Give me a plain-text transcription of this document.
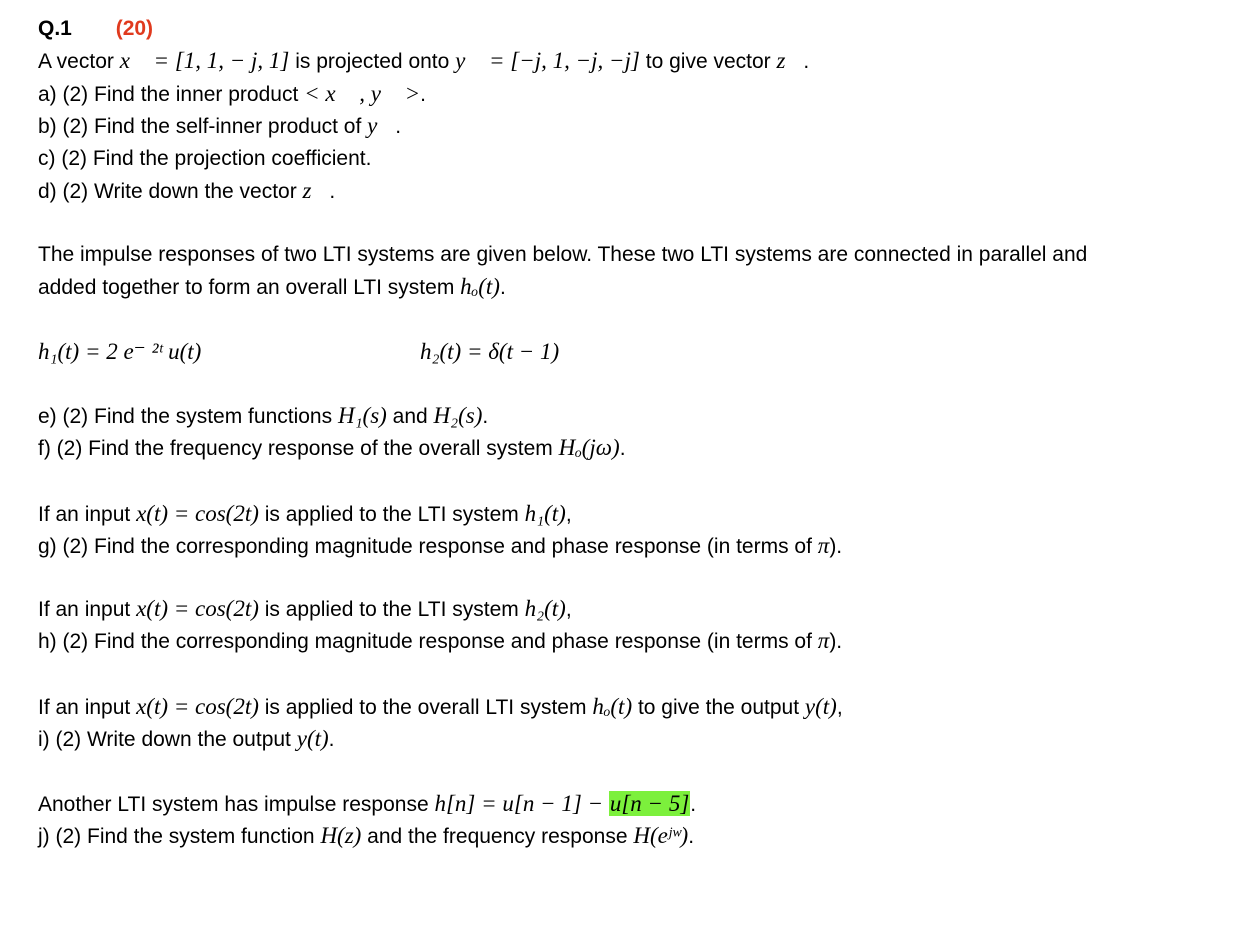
Q.1 (20)
A vector x⃗ = [1, 1, − j, 1] is projected onto y⃗ = [−j, 1, −j, −j] to give vector z⃗.
a) (2) Find the inner product < x⃗ , y⃗ >.
b) (2) Find the self-inner product of y⃗.
c) (2) Find the projection coefficient.
d) (2) Write down the vector z⃗.
The impulse responses of two LTI systems are given below. These two LTI systems are connected in parallel and
added together to form an overall LTI system hₒ(t).
h₁(t) = 2 e⁻ ²ᵗ u(t)	h₂(t) = δ(t − 1)
e) (2) Find the system functions H₁(s) and H₂(s).
f) (2) Find the frequency response of the overall system Hₒ(jω).
If an input x(t) = cos(2t) is applied to the LTI system h₁(t),
g) (2) Find the corresponding magnitude response and phase response (in terms of π).
If an input x(t) = cos(2t) is applied to the LTI system h₂(t),
h) (2) Find the corresponding magnitude response and phase response (in terms of π).
If an input x(t) = cos(2t) is applied to the overall LTI system hₒ(t) to give the output y(t),
i) (2) Write down the output y(t).
Another LTI system has impulse response h[n] = u[n − 1] − u[n − 5].
j) (2) Find the system function H(z) and the frequency response H(eʲʷ).
